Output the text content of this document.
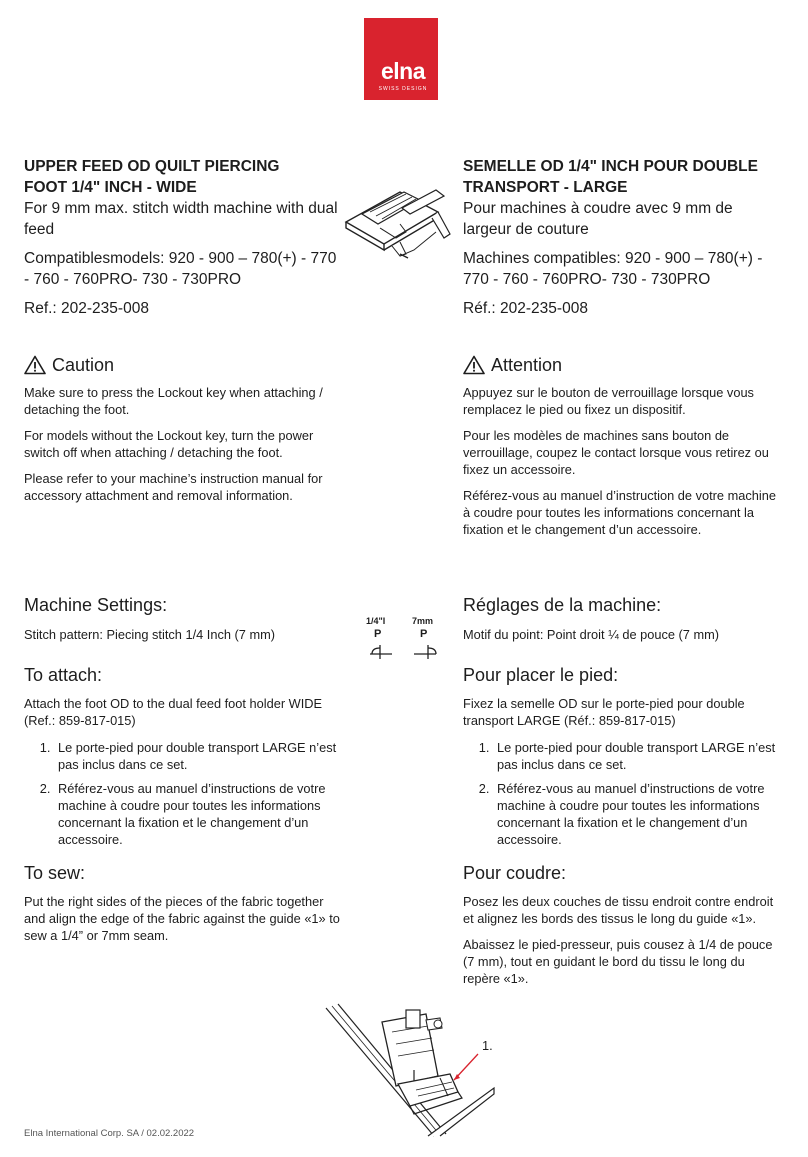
elna
SWISS DESIGN

UPPER FEED OD QUILT PIERCING

FOOT 1/4" INCH - WIDE

For 9 mm max. stitch width machine with dual feed

Compatiblesmodels: 920 - 900 – 780(+) - 770 - 760 - 760PRO- 730 - 730PRO

Ref.: 202-235-008

Caution

Make sure to press the Lockout key when attaching / detaching the foot.

For models without the Lockout key, turn the power switch off when attaching / detaching the foot.

Please refer to your machine’s instruction manual for accessory attachment and removal information.

Machine Settings:

Stitch pattern: Piecing stitch 1/4 Inch (7 mm)

To attach:

Attach the foot OD to the dual feed foot holder WIDE (Ref.: 859-817-015)

1. Le porte-pied pour double transport LARGE n’est pas inclus dans ce set.
2. Référez-vous au manuel d’instructions de votre machine à coudre pour toutes les informations concernant la fixation et le changement d’un accessoire.
To sew:

Put the right sides of the pieces of the fabric together and align the edge of the fabric against the guide «1» to sew a 1/4” or 7mm seam.

SEMELLE OD 1/4" INCH POUR DOUBLE

TRANSPORT - LARGE

Pour machines à coudre avec 9 mm de largeur de couture

Machines compatibles: 920 - 900 – 780(+) - 770 - 760 - 760PRO- 730 - 730PRO

Réf.: 202-235-008

Attention

Appuyez sur le bouton de verrouillage lorsque vous remplacez le pied ou fixez un dispositif.

Pour les modèles de machines sans bouton de verrouillage, coupez le contact lorsque vous retirez ou fixez un accessoire.

Référez-vous au manuel d’instruction de votre machine à coudre pour toutes les informations concernant la fixation et le changement d’un accessoire.

Réglages de la machine:

Motif du point: Point droit ¼ de pouce (7 mm)

Pour placer le pied:

Fixez la semelle OD sur le porte-pied pour double transport LARGE (Réf.: 859-817-015)

1. Le porte-pied pour double transport LARGE n’est pas inclus dans ce set.
2. Référez-vous au manuel d’instructions de votre machine à coudre pour toutes les informations concernant la fixation et le changement d’un accessoire.
Pour coudre:

Posez les deux couches de tissu endroit contre endroit et alignez les bords des tissus le long du guide «1».

Abaissez le pied-presseur, puis cousez à 1/4 de pouce (7 mm), tout en guidant le bord du tissu le long du repère «1».

1/4"I	7mm
P	P
1.
Elna International Corp. SA / 02.02.2022
